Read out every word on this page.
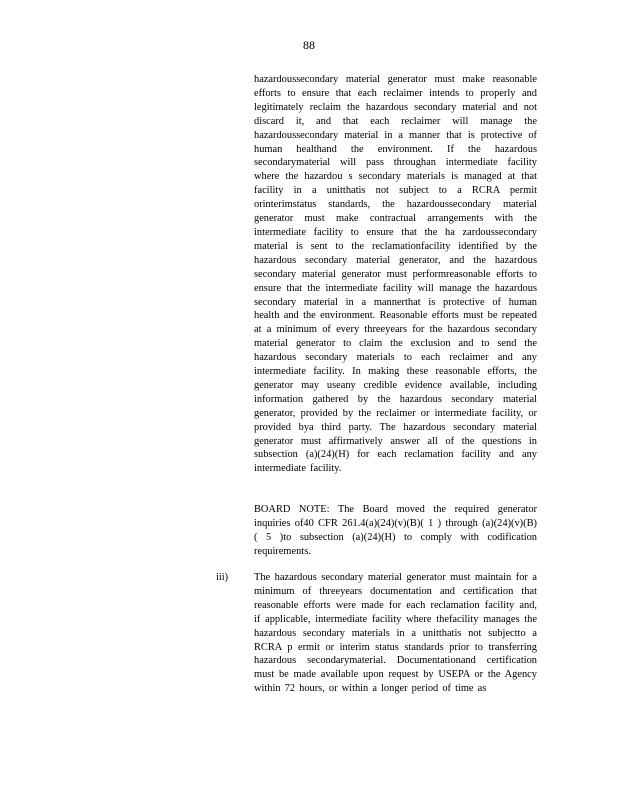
88

hazardoussecondary material generator must make reasonable efforts to ensure that each reclaimer intends to properly and legitimately reclaim the hazardous secondary material and not discard it, and that each reclaimer will manage the hazardoussecondary material in a manner that is protective of human healthand the environment. If the hazardous secondarymaterial will pass throughan intermediate facility where the hazardou s secondary materials is managed at that facility in a unitthatis not subject to a RCRA permit orinterimstatus standards, the hazardoussecondary material generator must make contractual arrangements with the intermediate facility to ensure that the ha zardoussecondary material is sent to the reclamationfacility identified by the hazardous secondary material generator, and the hazardous secondary material generator must performreasonable efforts to ensure that the intermediate facility will manage the hazardous secondary material in a mannerthat is protective of human health and the environment. Reasonable efforts must be repeated at a minimum of every threeyears for the hazardous secondary material generator to claim the exclusion and to send the hazardous secondary materials to each reclaimer and any intermediate facility. In making these reasonable efforts, the generator may useany credible evidence available, including information gathered by the hazardous secondary material generator, provided by the reclaimer or intermediate facility, or provided bya third party. The hazardous secondary material generator must affirmatively answer all of the questions in subsection (a)(24)(H) for each reclamation facility and any intermediate facility.

BOARD NOTE: The Board moved the required generator inquiries of40 CFR 261.4(a)(24)(v)(B)( 1 ) through (a)(24)(v)(B)( 5 )to subsection (a)(24)(H) to comply with codification requirements.

iii) The hazardous secondary material generator must maintain for a minimum of threeyears documentation and certification that reasonable efforts were made for each reclamation facility and, if applicable, intermediate facility where thefacility manages the hazardous secondary materials in a unitthatis not subjectto a RCRA p ermit or interim status standards prior to transferring hazardous secondarymaterial. Documentationand certification must be made available upon request by USEPA or the Agency within 72 hours, or within a longer period of time as
